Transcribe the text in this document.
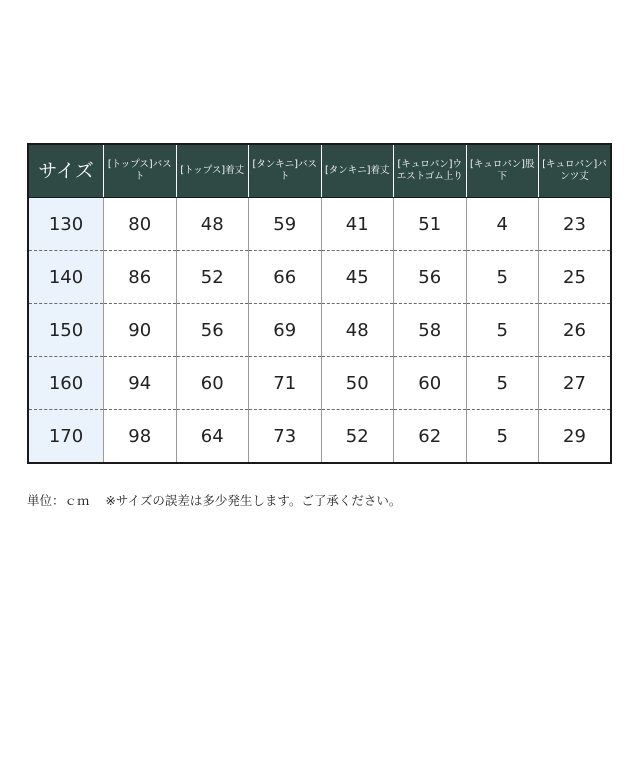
サイズ	[トップス]バスト	[トップス]着丈	[タンキニ]バスト	[タンキニ]着丈	[キュロパン]ウエストゴム上り	[キュロパン]股下	[キュロパン]パンツ丈
130	80	48	59	41	51	4	23
140	86	52	66	45	56	5	25
150	90	56	69	48	58	5	26
160	94	60	71	50	60	5	27
170	98	64	73	52	62	5	29

単位：ｃｍ ※サイズの誤差は多少発生します。ご了承ください。
